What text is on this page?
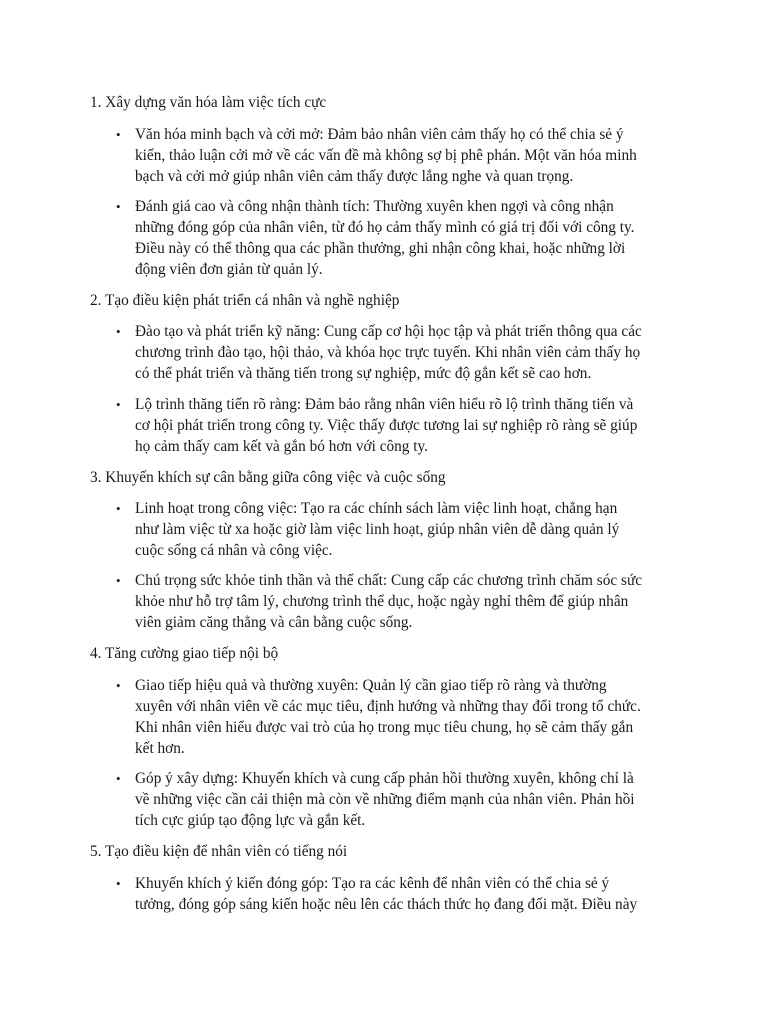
1. Xây dựng văn hóa làm việc tích cực
• Văn hóa minh bạch và cởi mở: Đảm bảo nhân viên cảm thấy họ có thể chia sẻ ý
kiến, thảo luận cởi mở về các vấn đề mà không sợ bị phê phán. Một văn hóa minh
bạch và cởi mở giúp nhân viên cảm thấy được lắng nghe và quan trọng.
• Đánh giá cao và công nhận thành tích: Thường xuyên khen ngợi và công nhận
những đóng góp của nhân viên, từ đó họ cảm thấy mình có giá trị đối với công ty.
Điều này có thể thông qua các phần thưởng, ghi nhận công khai, hoặc những lời
động viên đơn giản từ quản lý.
2. Tạo điều kiện phát triển cá nhân và nghề nghiệp
• Đào tạo và phát triển kỹ năng: Cung cấp cơ hội học tập và phát triển thông qua các
chương trình đào tạo, hội thảo, và khóa học trực tuyến. Khi nhân viên cảm thấy họ
có thể phát triển và thăng tiến trong sự nghiệp, mức độ gắn kết sẽ cao hơn.
• Lộ trình thăng tiến rõ ràng: Đảm bảo rằng nhân viên hiểu rõ lộ trình thăng tiến và
cơ hội phát triển trong công ty. Việc thấy được tương lai sự nghiệp rõ ràng sẽ giúp
họ cảm thấy cam kết và gắn bó hơn với công ty.
3. Khuyến khích sự cân bằng giữa công việc và cuộc sống
• Linh hoạt trong công việc: Tạo ra các chính sách làm việc linh hoạt, chẳng hạn
như làm việc từ xa hoặc giờ làm việc linh hoạt, giúp nhân viên dễ dàng quản lý
cuộc sống cá nhân và công việc.
• Chú trọng sức khỏe tinh thần và thể chất: Cung cấp các chương trình chăm sóc sức
khỏe như hỗ trợ tâm lý, chương trình thể dục, hoặc ngày nghỉ thêm để giúp nhân
viên giảm căng thẳng và cân bằng cuộc sống.
4. Tăng cường giao tiếp nội bộ
• Giao tiếp hiệu quả và thường xuyên: Quản lý cần giao tiếp rõ ràng và thường
xuyên với nhân viên về các mục tiêu, định hướng và những thay đổi trong tổ chức.
Khi nhân viên hiểu được vai trò của họ trong mục tiêu chung, họ sẽ cảm thấy gắn
kết hơn.
• Góp ý xây dựng: Khuyến khích và cung cấp phản hồi thường xuyên, không chỉ là
về những việc cần cải thiện mà còn về những điểm mạnh của nhân viên. Phản hồi
tích cực giúp tạo động lực và gắn kết.
5. Tạo điều kiện để nhân viên có tiếng nói
• Khuyến khích ý kiến đóng góp: Tạo ra các kênh để nhân viên có thể chia sẻ ý
tưởng, đóng góp sáng kiến hoặc nêu lên các thách thức họ đang đối mặt. Điều này
